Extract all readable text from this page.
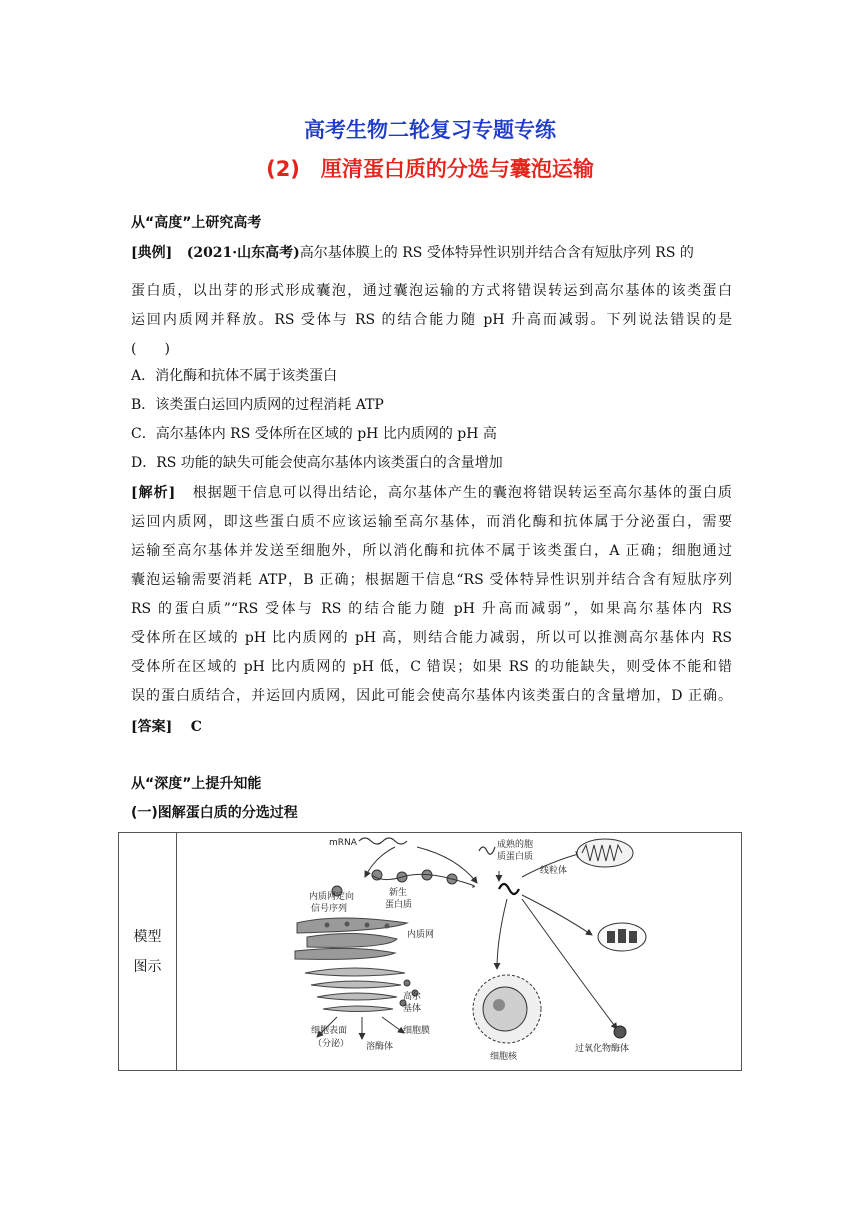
高考生物二轮复习专题专练
(2)　厘清蛋白质的分选与囊泡运输
从“高度”上研究高考
[典例] (2021·山东高考)高尔基体膜上的 RS 受体特异性识别并结合含有短肽序列 RS 的
蛋白质，以出芽的形式形成囊泡，通过囊泡运输的方式将错误转运到高尔基体的该类蛋白
运回内质网并释放。RS 受体与 RS 的结合能力随 pH 升高而减弱。下列说法错误的是
(　　)
A．消化酶和抗体不属于该类蛋白
B．该类蛋白运回内质网的过程消耗 ATP
C．高尔基体内 RS 受体所在区域的 pH 比内质网的 pH 高
D．RS 功能的缺失可能会使高尔基体内该类蛋白的含量增加
[解析] 根据题干信息可以得出结论，高尔基体产生的囊泡将错误转运至高尔基体的蛋白质
运回内质网，即这些蛋白质不应该运输至高尔基体，而消化酶和抗体属于分泌蛋白，需要
运输至高尔基体并发送至细胞外，所以消化酶和抗体不属于该类蛋白，A 正确；细胞通过
囊泡运输需要消耗 ATP，B 正确；根据题干信息“RS 受体特异性识别并结合含有短肽序列
RS 的蛋白质”“RS 受体与 RS 的结合能力随 pH 升高而减弱”，如果高尔基体内 RS
受体所在区域的 pH 比内质网的 pH 高，则结合能力减弱，所以可以推测高尔基体内 RS
受体所在区域的 pH 比内质网的 pH 低，C 错误；如果 RS 的功能缺失，则受体不能和错
误的蛋白质结合，并运回内质网，因此可能会使高尔基体内该类蛋白的含量增加，D 正确。
[答案] C
从“深度”上提升知能
(一)图解蛋白质的分选过程
模型
图示

mRNA
新生
蛋白质
内质网定向
信号序列
内质网
高尔
基体
细胞表面
（分泌） 溶酶体
细胞膜
成熟的胞
质蛋白质
线粒体
细胞核
过氧化物酶体
